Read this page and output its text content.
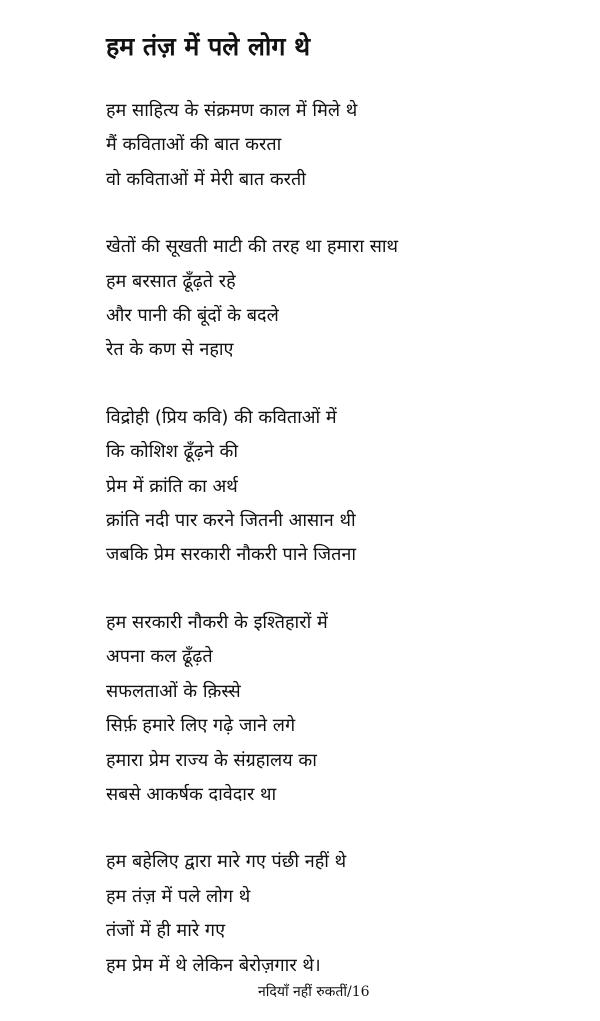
हम तंज़ में पले लोग थे
हम साहित्य के संक्रमण काल में मिले थे
मैं कविताओं की बात करता
वो कविताओं में मेरी बात करती
खेतों की सूखती माटी की तरह था हमारा साथ
हम बरसात ढूँढ़ते रहे
और पानी की बूंदों के बदले
रेत के कण से नहाए
विद्रोही (प्रिय कवि) की कविताओं में
कि कोशिश ढूँढ़ने की
प्रेम में क्रांति का अर्थ
क्रांति नदी पार करने जितनी आसान थी
जबकि प्रेम सरकारी नौकरी पाने जितना
हम सरकारी नौकरी के इश्तिहारों में
अपना कल ढूँढ़ते
सफलताओं के क़िस्से
सिर्फ़ हमारे लिए गढ़े जाने लगे
हमारा प्रेम राज्य के संग्रहालय का
सबसे आकर्षक दावेदार था
हम बहेलिए द्वारा मारे गए पंछी नहीं थे
हम तंज़ में पले लोग थे
तंजों में ही मारे गए
हम प्रेम में थे लेकिन बेरोज़गार थे।
नदियाँ नहीं रुकतीं/16
